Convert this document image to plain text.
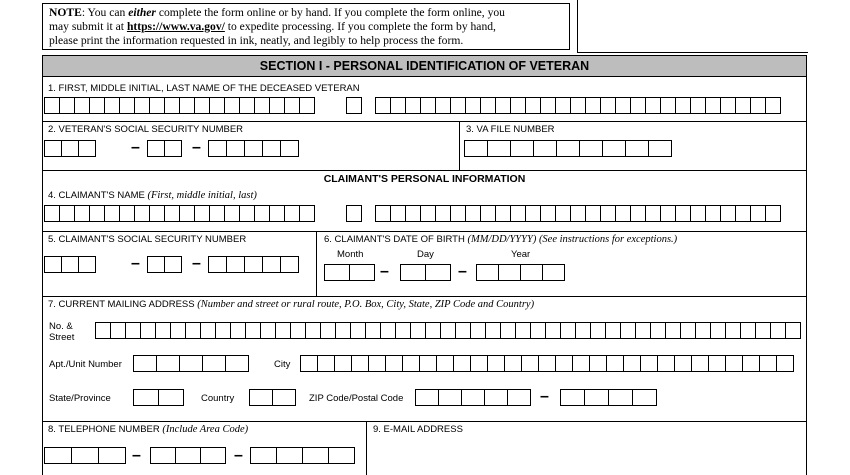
NOTE: You can either complete the form online or by hand. If you complete the form online, you
may submit it at https://www.va.gov/ to expedite processing. If you complete the form by hand,
please print the information requested in ink, neatly, and legibly to help process the form.
SECTION I - PERSONAL IDENTIFICATION OF VETERAN
1. FIRST, MIDDLE INITIAL, LAST NAME OF THE DECEASED VETERAN
2. VETERAN'S SOCIAL SECURITY NUMBER
–	–
3. VA FILE NUMBER
CLAIMANT'S PERSONAL INFORMATION
4. CLAIMANT'S NAME (First, middle initial, last)
5. CLAIMANT'S SOCIAL SECURITY NUMBER
–	–
6. CLAIMANT'S DATE OF BIRTH (MM/DD/YYYY) (See instructions for exceptions.)
Month	Day	Year
–	–
7. CURRENT MAILING ADDRESS (Number and street or rural route, P.O. Box, City, State, ZIP Code and Country)
No. &
Street
Apt./Unit Number	City
State/Province	Country	ZIP Code/Postal Code	–
8. TELEPHONE NUMBER (Include Area Code)
–	–
9. E-MAIL ADDRESS
